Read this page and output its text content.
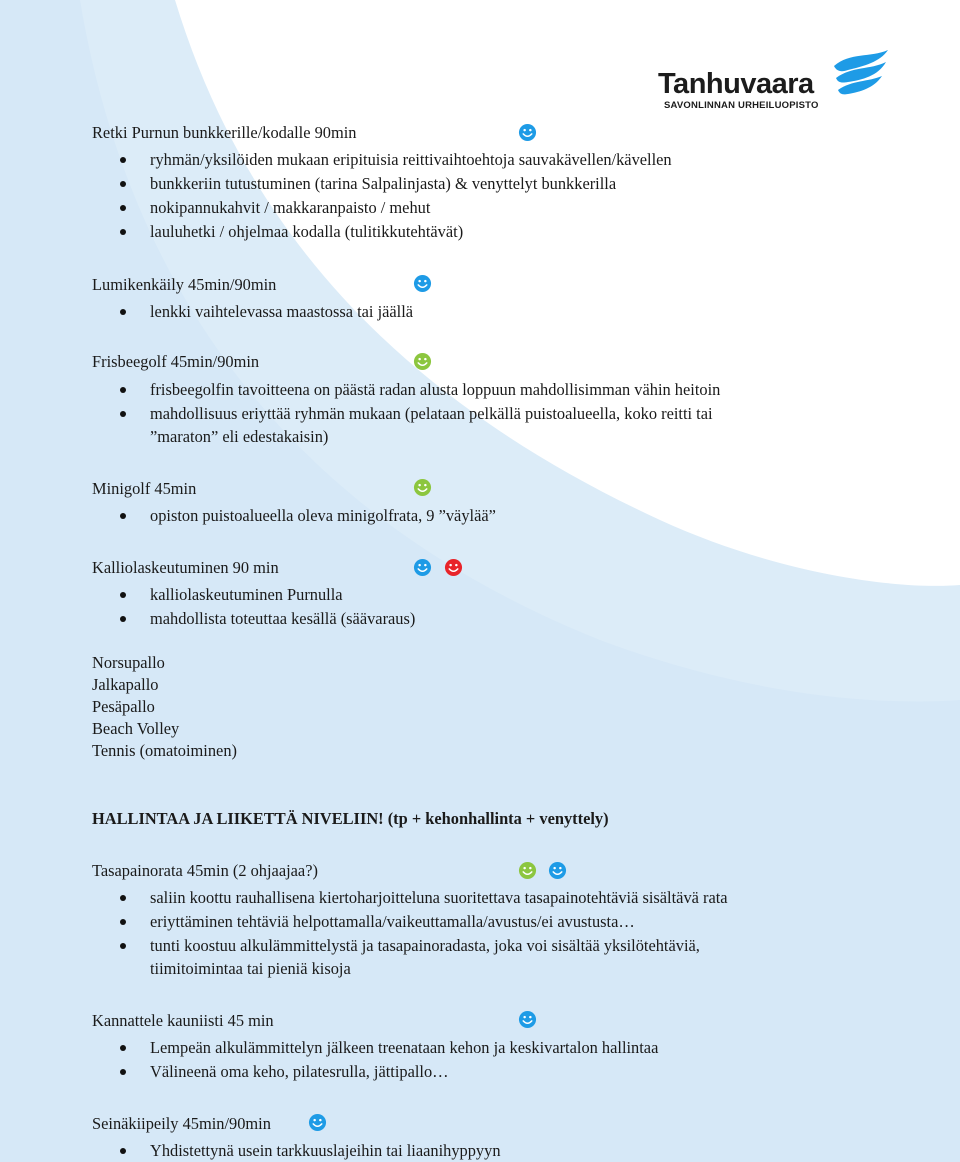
Tanhuvaara
SAVONLINNAN URHEILUOPISTO
Retki Purnun bunkkerille/kodalle 90min
ryhmän/yksilöiden mukaan eripituisia reittivaihtoehtoja sauvakävellen/kävellen
bunkkeriin tutustuminen (tarina Salpalinjasta) & venyttelyt bunkkerilla
nokipannukahvit / makkaranpaisto / mehut
lauluhetki / ohjelmaa kodalla (tulitikkutehtävät)
Lumikenkäily 45min/90min
lenkki vaihtelevassa maastossa tai jäällä
Frisbeegolf 45min/90min
frisbeegolfin tavoitteena on päästä radan alusta loppuun mahdollisimman vähin heitoin
mahdollisuus eriyttää ryhmän mukaan (pelataan pelkällä puistoalueella, koko reitti tai
”maraton” eli edestakaisin)
Minigolf 45min
opiston puistoalueella oleva minigolfrata, 9 ”väylää”
Kalliolaskeutuminen 90 min
kalliolaskeutuminen Purnulla
mahdollista toteuttaa kesällä (säävaraus)
Norsupallo
Jalkapallo
Pesäpallo
Beach Volley
Tennis (omatoiminen)
HALLINTAA JA LIIKETTÄ NIVELIIN! (tp + kehonhallinta + venyttely)
Tasapainorata 45min (2 ohjaajaa?)
saliin koottu rauhallisena kiertoharjoitteluna suoritettava tasapainotehtäviä sisältävä rata
eriyttäminen tehtäviä helpottamalla/vaikeuttamalla/avustus/ei avustusta…
tunti koostuu alkulämmittelystä ja tasapainoradasta, joka voi sisältää yksilötehtäviä,
tiimitoimintaa tai pieniä kisoja
Kannattele kauniisti 45 min
Lempeän alkulämmittelyn jälkeen treenataan kehon ja keskivartalon hallintaa
Välineenä oma keho, pilatesrulla, jättipallo…
Seinäkiipeily 45min/90min
Yhdistettynä usein tarkkuuslajeihin tai liaanihyppyyn
